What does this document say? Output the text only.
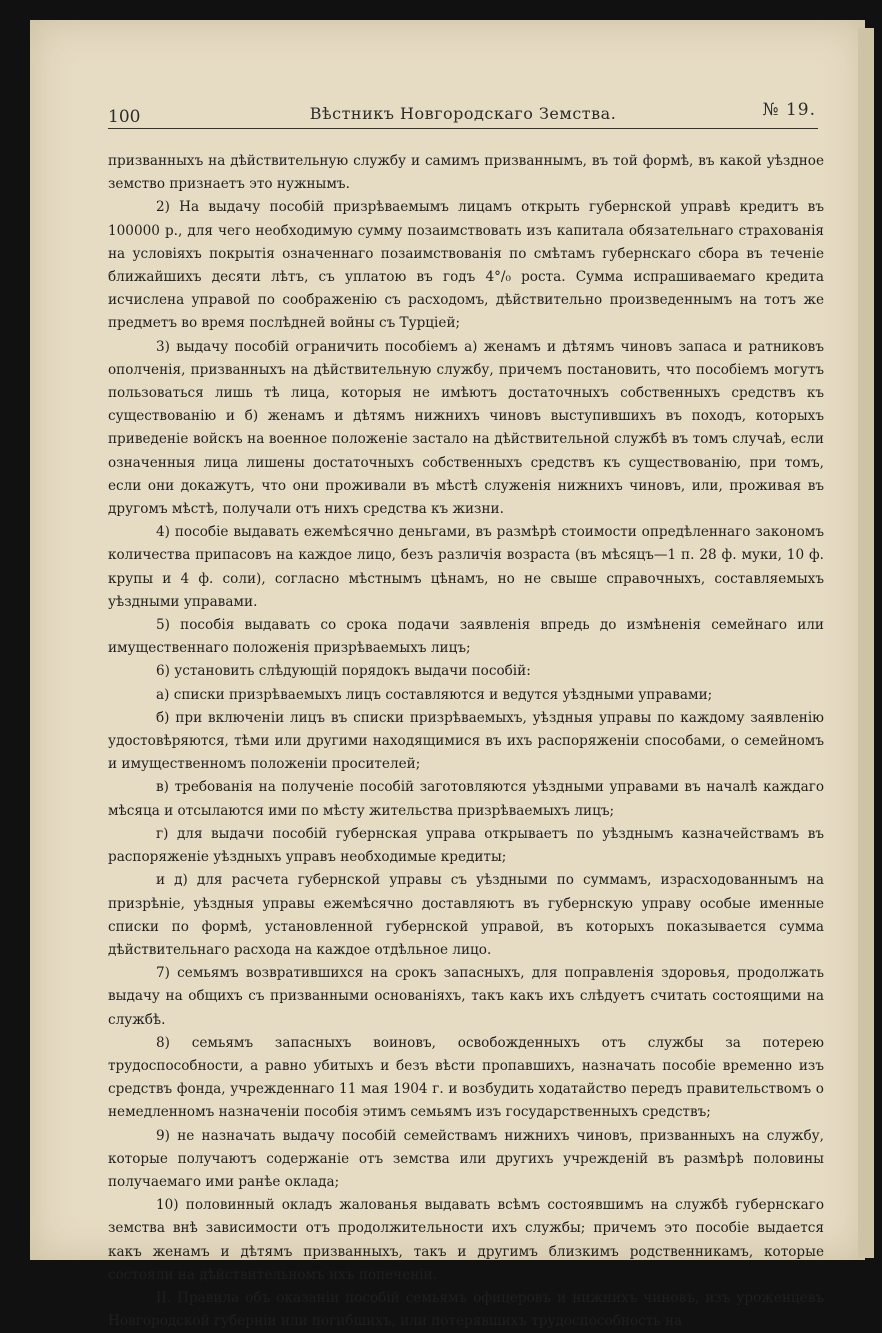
100	Вѣстникъ Новгородскаго Земства.	№ 19.

призванныхъ на дѣйствительную службу и самимъ призваннымъ, въ той формѣ, въ какой уѣздное земство признаетъ это нужнымъ.

2) На выдачу пособій призрѣваемымъ лицамъ открыть губернской управѣ кредитъ въ 100000 р., для чего необходимую сумму позаимствовать изъ капитала обязательнаго страхованія на условіяхъ покрытія означеннаго позаимствованія по смѣтамъ губернскаго сбора въ теченіе ближайшихъ десяти лѣтъ, съ уплатою въ годъ 4°/₀ роста. Сумма испрашиваемаго кредита исчислена управой по соображенію съ расходомъ, дѣйствительно произведеннымъ на тотъ же предметъ во время послѣдней войны съ Турціей;

3) выдачу пособій ограничить пособіемъ а) женамъ и дѣтямъ чиновъ запаса и ратниковъ ополченія, призванныхъ на дѣйствительную службу, причемъ постановить, что пособіемъ могутъ пользоваться лишь тѣ лица, которыя не имѣютъ достаточныхъ собственныхъ средствъ къ существованію и б) женамъ и дѣтямъ нижнихъ чиновъ выступившихъ въ походъ, которыхъ приведеніе войскъ на военное положеніе застало на дѣйствительной службѣ въ томъ случаѣ, если означенныя лица лишены достаточныхъ собственныхъ средствъ къ существованію, при томъ, если они докажутъ, что они проживали въ мѣстѣ служенія нижнихъ чиновъ, или, проживая въ другомъ мѣстѣ, получали отъ нихъ средства къ жизни.

4) пособіе выдавать ежемѣсячно деньгами, въ размѣрѣ стоимости опредѣленнаго закономъ количества припасовъ на каждое лицо, безъ различія возраста (въ мѣсяцъ—1 п. 28 ф. муки, 10 ф. крупы и 4 ф. соли), согласно мѣстнымъ цѣнамъ, но не свыше справочныхъ, составляемыхъ уѣздными управами.

5) пособія выдавать со срока подачи заявленія впредь до измѣненія семейнаго или имущественнаго положенія призрѣваемыхъ лицъ;

6) установить слѣдующій порядокъ выдачи пособій:

а) списки призрѣваемыхъ лицъ составляются и ведутся уѣздными управами;

б) при включеніи лицъ въ списки призрѣваемыхъ, уѣздныя управы по каждому заявленію удостовѣряются, тѣми или другими находящимися въ ихъ распоряженіи способами, о семейномъ и имущественномъ положеніи просителей;

в) требованія на полученіе пособій заготовляются уѣздными управами въ началѣ каждаго мѣсяца и отсылаются ими по мѣсту жительства призрѣваемыхъ лицъ;

г) для выдачи пособій губернская управа открываетъ по уѣзднымъ казначействамъ въ распоряженіе уѣздныхъ управъ необходимые кредиты;

и д) для расчета губернской управы съ уѣздными по суммамъ, израсходованнымъ на призрѣніе, уѣздныя управы ежемѣсячно доставляютъ въ губернскую управу особые именные списки по формѣ, установленной губернской управой, въ которыхъ показывается сумма дѣйствительнаго расхода на каждое отдѣльное лицо.

7) семьямъ возвратившихся на срокъ запасныхъ, для поправленія здоровья, продолжать выдачу на общихъ съ призванными основаніяхъ, такъ какъ ихъ слѣдуетъ считать состоящими на службѣ.

8) семьямъ запасныхъ воиновъ, освобожденныхъ отъ службы за потерею трудоспособности, а равно убитыхъ и безъ вѣсти пропавшихъ, назначать пособіе временно изъ средствъ фонда, учрежденнаго 11 мая 1904 г. и возбудить ходатайство передъ правительствомъ о немедленномъ назначеніи пособія этимъ семьямъ изъ государственныхъ средствъ;

9) не назначать выдачу пособій семействамъ нижнихъ чиновъ, призванныхъ на службу, которые получаютъ содержаніе отъ земства или другихъ учрежденій въ размѣрѣ половины получаемаго ими ранѣе оклада;

10) половинный окладъ жалованья выдавать всѣмъ состоявшимъ на службѣ губернскаго земства внѣ зависимости отъ продолжительности ихъ службы; причемъ это пособіе выдается какъ женамъ и дѣтямъ призванныхъ, такъ и другимъ близкимъ родственникамъ, которые состояли на дѣйствительномъ ихъ попеченіи.

II. Правила объ оказаніи пособій семьямъ офицеровъ и нижнихъ чиновъ, изъ уроженцевъ Новгородской губерніи или погибшихъ, или потерявшихъ трудоспособность на
